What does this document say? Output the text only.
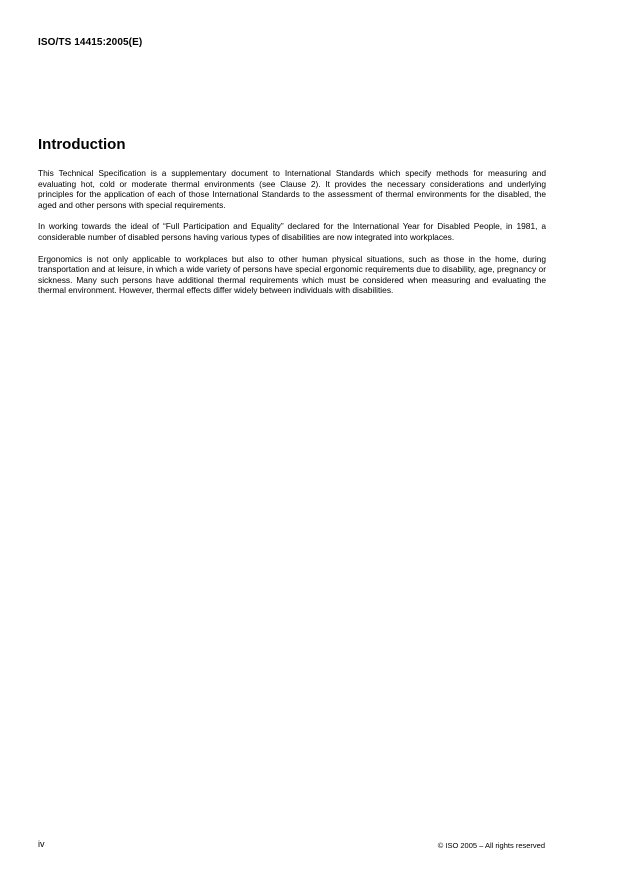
ISO/TS 14415:2005(E)
Introduction

This Technical Specification is a supplementary document to International Standards which specify methods for measuring and evaluating hot, cold or moderate thermal environments (see Clause 2). It provides the necessary considerations and underlying principles for the application of each of those International Standards to the assessment of thermal environments for the disabled, the aged and other persons with special requirements.

In working towards the ideal of “Full Participation and Equality” declared for the International Year for Disabled People, in 1981, a considerable number of disabled persons having various types of disabilities are now integrated into workplaces.

Ergonomics is not only applicable to workplaces but also to other human physical situations, such as those in the home, during transportation and at leisure, in which a wide variety of persons have special ergonomic requirements due to disability, age, pregnancy or sickness. Many such persons have additional thermal requirements which must be considered when measuring and evaluating the thermal environment. However, thermal effects differ widely between individuals with disabilities.

iv	© ISO 2005 – All rights reserved
